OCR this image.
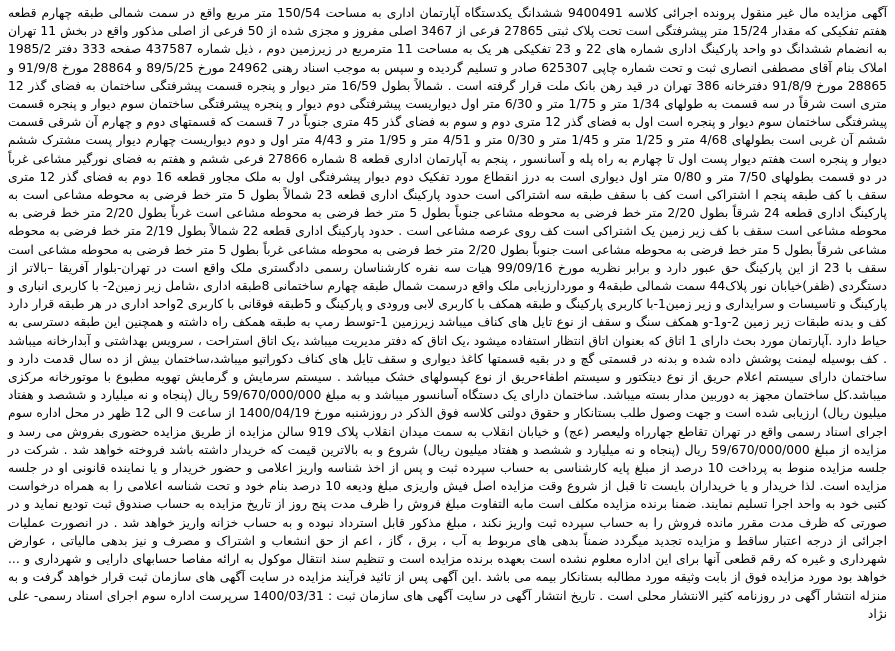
آگهی مزایده مال غیر منقول پرونده اجرائی کلاسه 9400491 ششدانگ یکدستگاه آپارتمان اداری به مساحت 150/54 متر مربع واقع در سمت شمالی طبقه چهارم قطعه هفتم تفکیکی که مقدار 15/24 متر پیشرفتگی است تحت پلاک ثبتی 27865 فرعی از 3467 اصلی مفروز و مجزی شده از 50 فرعی از اصلی مذکور واقع در بخش 11 تهران به انضمام ششدانگ دو واحد پارکینگ اداری شماره های 22 و 23 تفکیکی هر یک به مساحت 11 مترمربع در زیرزمین دوم ، ذیل شماره 437587 صفحه 333 دفتر 1985/2 املاک بنام آقای مصطفی انصاری ثبت و تحت شماره چاپی 625307 صادر و تسلیم گردیده و سپس به موجب اسناد رهنی 24962 مورخ 89/5/25 و 28864 مورخ 91/9/8 و 28865 مورخ 91/8/9 دفترخانه 386 تهران در قید رهن بانک ملت قرار گرفته است . شمالاً بطول 16/59 متر دیوار و پنجره قسمت پیشرفتگی ساختمان به فضای گذر 12 متری است شرقاً در سه قسمت به طولهای 1/34 متر و 1/75 متر و 6/30 متر اول دیواریست پیشرفتگی دوم دیوار و پنجره پیشرفتگی ساختمان سوم دیوار و پنجره قسمت پیشرفتگی ساختمان سوم دیوار و پنجره است اول به فضای گذر 12 متری دوم و سوم به فضای گذر 45 متری جنوباً در 7 قسمت که قسمتهای دوم و چهارم آن شرقی قسمت ششم آن غربی است بطولهای 4/68 متر و 1/25 متر و 1/45 متر و 0/30 متر و 4/51 متر و 1/95 متر و 4/43 متر اول و دوم دیواریست چهارم دیوار پست مشترک ششم دیوار و پنجره است هفتم دیوار پست اول تا چهارم به راه پله و آسانسور ، پنجم به آپارتمان اداری قطعه 8 شماره 27866 فرعی ششم و هفتم به فضای نورگیر مشاعی غرباً در دو قسمت بطولهای 7/50 متر و 0/80 متر اول دیواری است به درز انقطاع مورد تفکیک دوم دیوار پیشرفتگی اول به ملک مجاور قطعه 16 دوم به فضای گذر 12 متری سقف با کف طبقه پنجم ا اشتراکی است کف با سقف طبقه سه اشتراکی است حدود پارکینگ اداری قطعه 23 شمالاً بطول 5 متر خط فرضی به محوطه مشاعی است به پارکینگ اداری قطعه 24 شرقاً بطول 2/20 متر خط فرضی به محوطه مشاعی جنوباً بطول 5 متر خط فرضی به محوطه مشاعی است غرباً بطول 2/20 متر خط فرضی به محوطه مشاعی است سقف با کف زیر زمین یک اشتراکی است کف روی عرصه مشاعی است . حدود پارکینگ اداری قطعه 22 شمالاً بطول 2/19 متر خط فرضی به محوطه مشاعی شرقاً بطول 5 متر خط فرضی به محوطه مشاعی است جنوباً بطول 2/20 متر خط فرضی به محوطه مشاعی غرباً بطول 5 متر خط فرضی به محوطه مشاعی است سقف با 23 از این پارکینگ حق عبور دارد و برابر نظریه مورخ 99/09/16 هیات سه نفره کارشناسان رسمی دادگستری ملک واقع است در تهران-بلوار آفریقا –بالاتر از دستگردی (ظفر)خیابان نور پلاک44 سمت شمالی طبقه4 و موردارزیابی ملک واقع درسمت شمال طبقه چهارم ساختمانی 8طبقه اداری ،شامل زیر زمین2- با کاربری انباری و پارکینگ و تاسیسات و سرایداری و زیر زمین1-با کاربری پارکینگ و طبقه همکف با کاربری لابی ورودی و پارکینگ و 5طبقه فوقانی با کاربری 2واحد اداری در هر طبقه قرار دارد کف و بدنه طبقات زیر زمین 2-و1-و همکف سنگ و سقف از نوع تایل های کناف میباشد زیرزمین 1-توسط رمپ به طبقه همکف راه داشته و همچنین این طبقه دسترسی به حیاط دارد .آپارتمان مورد بحث دارای 1 اتاق که بعنوان اتاق انتظار استفاده میشود ،یک اتاق که دفتر مدیریت میباشد ،یک اتاق استراحت ، سرویس بهداشتی و آبدارخانه میباشد . کف بوسیله لیمنت پوشش داده شده و بدنه در قسمتی گچ و در بقیه قسمتها کاغذ دیواری و سقف تایل های کناف دکوراتیو میباشد،ساختمان بیش از ده سال قدمت دارد و ساختمان دارای سیستم اعلام حریق از نوع دیتکتور و سیستم اطفاءحریق از نوع کپسولهای خشک میباشد . سیستم سرمایش و گرمایش تهویه مطبوع با موتورخانه مرکزی میباشد.کل ساختمان مجهز به دوربین مدار بسته میباشد. ساختمان دارای یک دستگاه آسانسور میباشد و به مبلغ 59/670/000/000 ریال (پنجاه و نه میلیارد و ششصد و هفتاد میلیون ریال) ارزیابی شده است و جهت وصول طلب بستانکار و حقوق دولتی کلاسه فوق الذکر در روزشنبه مورخ 1400/04/19 از ساعت 9 الی 12 ظهر در محل اداره سوم اجرای اسناد رسمی واقع در تهران تقاطع جهارراه ولیعصر (عج) و خیابان انقلاب به سمت میدان انقلاب پلاک 919 سالن مزایده از طریق مزایده حضوری بفروش می رسد و مزایده از مبلغ 59/670/000/000 ریال (پنجاه و نه میلیارد و ششصد و هفتاد میلیون ریال) شروع و به بالاترین قیمت که خریدار داشته باشد فروخته خواهد شد . شرکت در جلسه مزایده منوط به پرداخت 10 درصد از مبلغ پایه کارشناسی به حساب سپرده ثبت و پس از اخذ شناسه واریز اعلامی و حضور خریدار و یا نماینده قانونی او در جلسه مزایده است. لذا خریدار و یا خریداران بایست تا قبل از شروع وقت مزایده اصل فیش واریزی مبلغ ودیعه 10 درصد بنام خود و تحت شناسه اعلامی را به همراه درخواست کتبی خود به واحد اجرا تسلیم نمایند. ضمنا برنده مزایده مکلف است مابه التفاوت مبلغ فروش را ظرف مدت پنج روز از تاریخ مزایده به حساب صندوق ثبت تودیع نماید و در صورتی که ظرف مدت مقرر مانده فروش را به حساب سپرده ثبت واریز نکند ، مبلغ مذکور قابل استرداد نبوده و به حساب خزانه واریز خواهد شد . در انصورت عملیات اجرائی از درجه اعتبار ساقط و مزایده تجدید میگردد ضمناً بدهی های مربوط به آب ، برق ، گاز ، اعم از حق انشعاب و اشتراک و مصرف و نیز بدهی مالیاتی ، عوارض شهرداری و غیره که رقم قطعی آنها برای این اداره معلوم نشده است بعهده برنده مزایده است و تنظیم سند انتقال موکول به ارائه مفاصا حسابهای دارایی و شهرداری و ... خواهد بود مورد مزایده فوق از بابت وثیقه مورد مطالبه بستانکار بیمه می باشد .این آگهی پس از تائید فرآیند مزایده در سایت آگهی های سازمان ثبت قرار خواهد گرفت و به منزله انتشار آگهی در روزنامه کثیر الانتشار محلی است . تاریخ انتشار آگهی در سایت آگهی های سازمان ثبت : 1400/03/31 سرپرست اداره سوم اجرای اسناد رسمی- علی نژاد
